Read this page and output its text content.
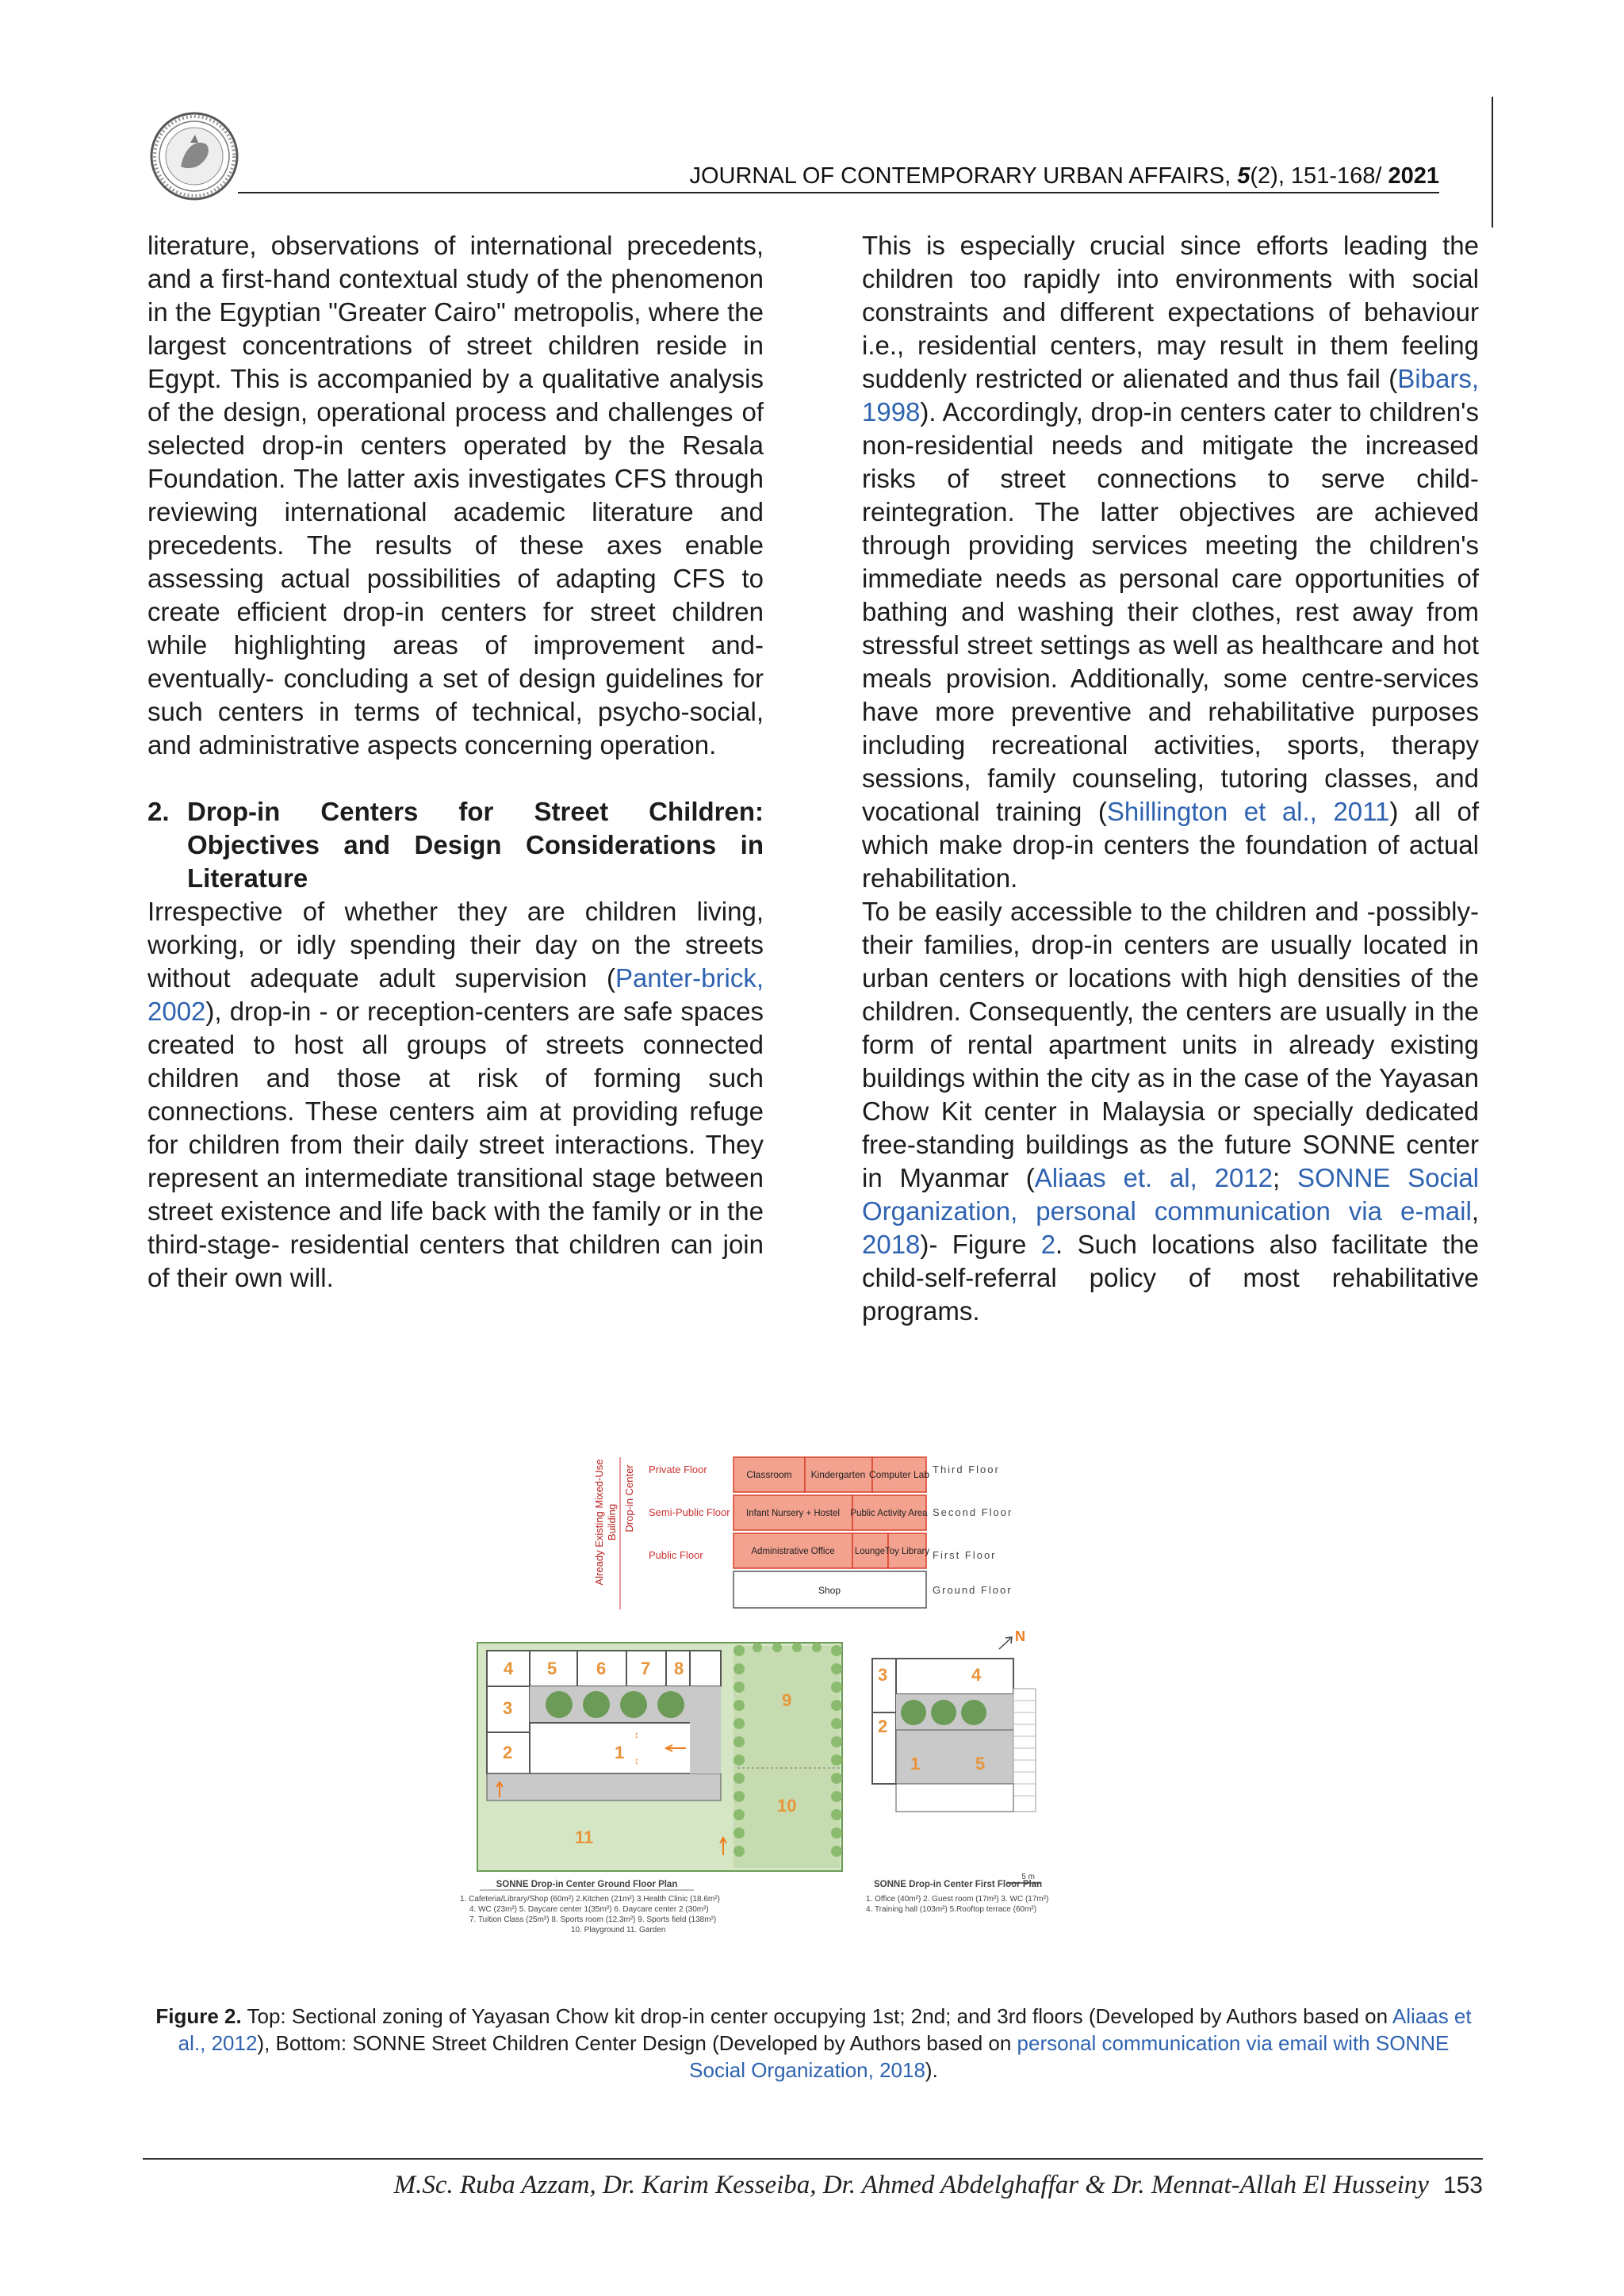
JOURNAL OF CONTEMPORARY URBAN AFFAIRS, 5(2), 151-168/ 2021

literature, observations of international precedents, and a first-hand contextual study of the phenomenon in the Egyptian "Greater Cairo" metropolis, where the largest concentrations of street children reside in Egypt. This is accompanied by a qualitative analysis of the design, operational process and challenges of selected drop-in centers operated by the Resala Foundation. The latter axis investigates CFS through reviewing international academic literature and precedents. The results of these axes enable assessing actual possibilities of adapting CFS to create efficient drop-in centers for street children while highlighting areas of improvement and- eventually- concluding a set of design guidelines for such centers in terms of technical, psycho-social, and administrative aspects concerning operation.

2. Drop-in Centers for Street Children: Objectives and Design Considerations in Literature

Irrespective of whether they are children living, working, or idly spending their day on the streets without adequate adult supervision (Panter-brick, 2002), drop-in - or reception-centers are safe spaces created to host all groups of streets connected children and those at risk of forming such connections. These centers aim at providing refuge for children from their daily street interactions. They represent an intermediate transitional stage between street existence and life back with the family or in the third-stage- residential centers that children can join of their own will.

This is especially crucial since efforts leading the children too rapidly into environments with social constraints and different expectations of behaviour i.e., residential centers, may result in them feeling suddenly restricted or alienated and thus fail (Bibars, 1998). Accordingly, drop-in centers cater to children's non-residential needs and mitigate the increased risks of street connections to serve child-reintegration. The latter objectives are achieved through providing services meeting the children's immediate needs as personal care opportunities of bathing and washing their clothes, rest away from stressful street settings as well as healthcare and hot meals provision. Additionally, some centre-services have more preventive and rehabilitative purposes including recreational activities, sports, therapy sessions, family counseling, tutoring classes, and vocational training (Shillington et al., 2011) all of which make drop-in centers the foundation of actual rehabilitation.

To be easily accessible to the children and -possibly- their families, drop-in centers are usually located in urban centers or locations with high densities of the children. Consequently, the centers are usually in the form of rental apartment units in already existing buildings within the city as in the case of the Yayasan Chow Kit center in Malaysia or specially dedicated free-standing buildings as the future SONNE center in Myanmar (Aliaas et. al, 2012; SONNE Social Organization, personal communication via e-mail, 2018)- Figure 2. Such locations also facilitate the child-self-referral policy of most rehabilitative programs.

Already Existing Mixed-Use Building Drop-in Center Private Floor
Semi-Public Floor
Public Floor
Classroom Kindergarten Computer Lab
Infant Nursery + Hostel Public Activity Area
Administrative Office Lounge Toy Library
Shop
Third Floor
Second Floor
First Floor
Ground Floor
↕
↕
4 5 6 7 8
3
2	1
9
10
11
N
3	4
2
1	5
5 m
SONNE Drop-in Center Ground Floor Plan
1. Cafeteria/Library/Shop (60m²) 2.Kitchen (21m²) 3.Health Clinic (18.6m²)
4. WC (23m²) 5. Daycare center 1(35m²) 6. Daycare center 2 (30m²)
7. Tuition Class (25m²) 8. Sports room (12.3m²) 9. Sports field (138m²)
10. Playground 11. Garden
SONNE Drop-in Center First Floor Plan
1. Office (40m²) 2. Guest room (17m²) 3. WC (17m²)
4. Training hall (103m²) 5.Rooftop terrace (60m²)
Figure 2. Top: Sectional zoning of Yayasan Chow kit drop-in center occupying 1st; 2nd; and 3rd floors (Developed by Authors based on Aliaas et al., 2012), Bottom: SONNE Street Children Center Design (Developed by Authors based on personal communication via email with SONNE Social Organization, 2018).
M.Sc. Ruba Azzam, Dr. Karim Kesseiba, Dr. Ahmed Abdelghaffar & Dr. Mennat-Allah El Husseiny 153
